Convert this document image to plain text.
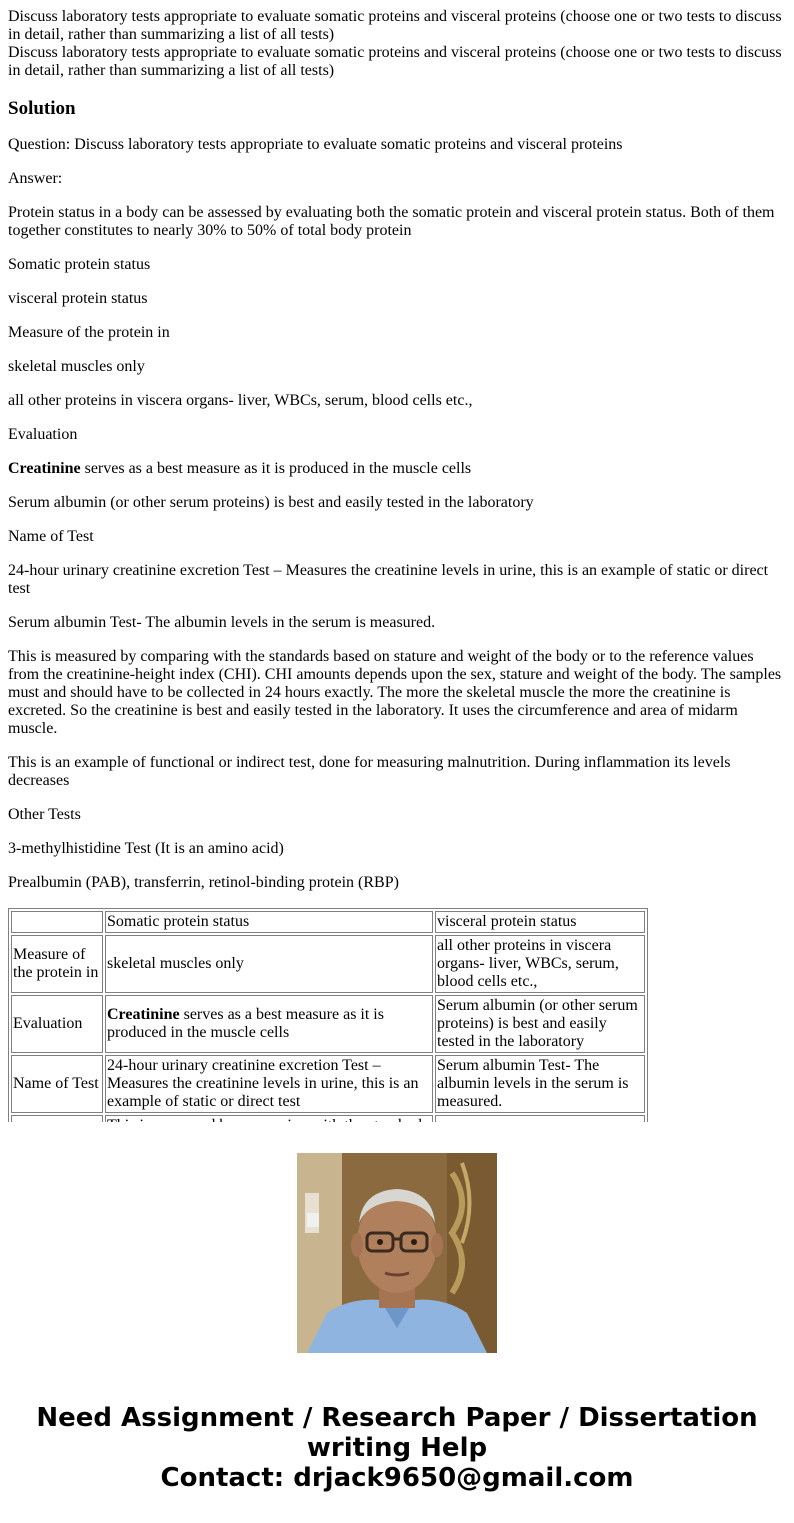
Discuss laboratory tests appropriate to evaluate somatic proteins and visceral proteins (choose one or two tests to discuss in detail, rather than summarizing a list of all tests)
Discuss laboratory tests appropriate to evaluate somatic proteins and visceral proteins (choose one or two tests to discuss in detail, rather than summarizing a list of all tests)
Solution

Question: Discuss laboratory tests appropriate to evaluate somatic proteins and visceral proteins

Answer:

Protein status in a body can be assessed by evaluating both the somatic protein and visceral protein status. Both of them together constitutes to nearly 30% to 50% of total body protein

Somatic protein status

visceral protein status

Measure of the protein in

skeletal muscles only

all other proteins in viscera organs- liver, WBCs, serum, blood cells etc.,

Evaluation

Creatinine serves as a best measure as it is produced in the muscle cells

Serum albumin (or other serum proteins) is best and easily tested in the laboratory

Name of Test

24-hour urinary creatinine excretion Test – Measures the creatinine levels in urine, this is an example of static or direct test

Serum albumin Test- The albumin levels in the serum is measured.

This is measured by comparing with the standards based on stature and weight of the body or to the reference values from the creatinine-height index (CHI). CHI amounts depends upon the sex, stature and weight of the body. The samples must and should have to be collected in 24 hours exactly. The more the skeletal muscle the more the creatinine is excreted. So the creatinine is best and easily tested in the laboratory. It uses the circumference and area of midarm muscle.

This is an example of functional or indirect test, done for measuring malnutrition. During inflammation its levels decreases

Other Tests

3-methylhistidine Test (It is an amino acid)

Prealbumin (PAB), transferrin, retinol-binding protein (RBP)

	Somatic protein status	visceral protein status
Measure of the protein in	skeletal muscles only	all other proteins in viscera organs- liver, WBCs, serum, blood cells etc.,
Evaluation	Creatinine serves as a best measure as it is produced in the muscle cells	Serum albumin (or other serum proteins) is best and easily tested in the laboratory
Name of Test	24-hour urinary creatinine excretion Test – Measures the creatinine levels in urine, this is an example of static or direct test	Serum albumin Test- The albumin levels in the serum is measured.

Need Assignment / Research Paper / Dissertation writing Help
Contact: drjack9650@gmail.com
